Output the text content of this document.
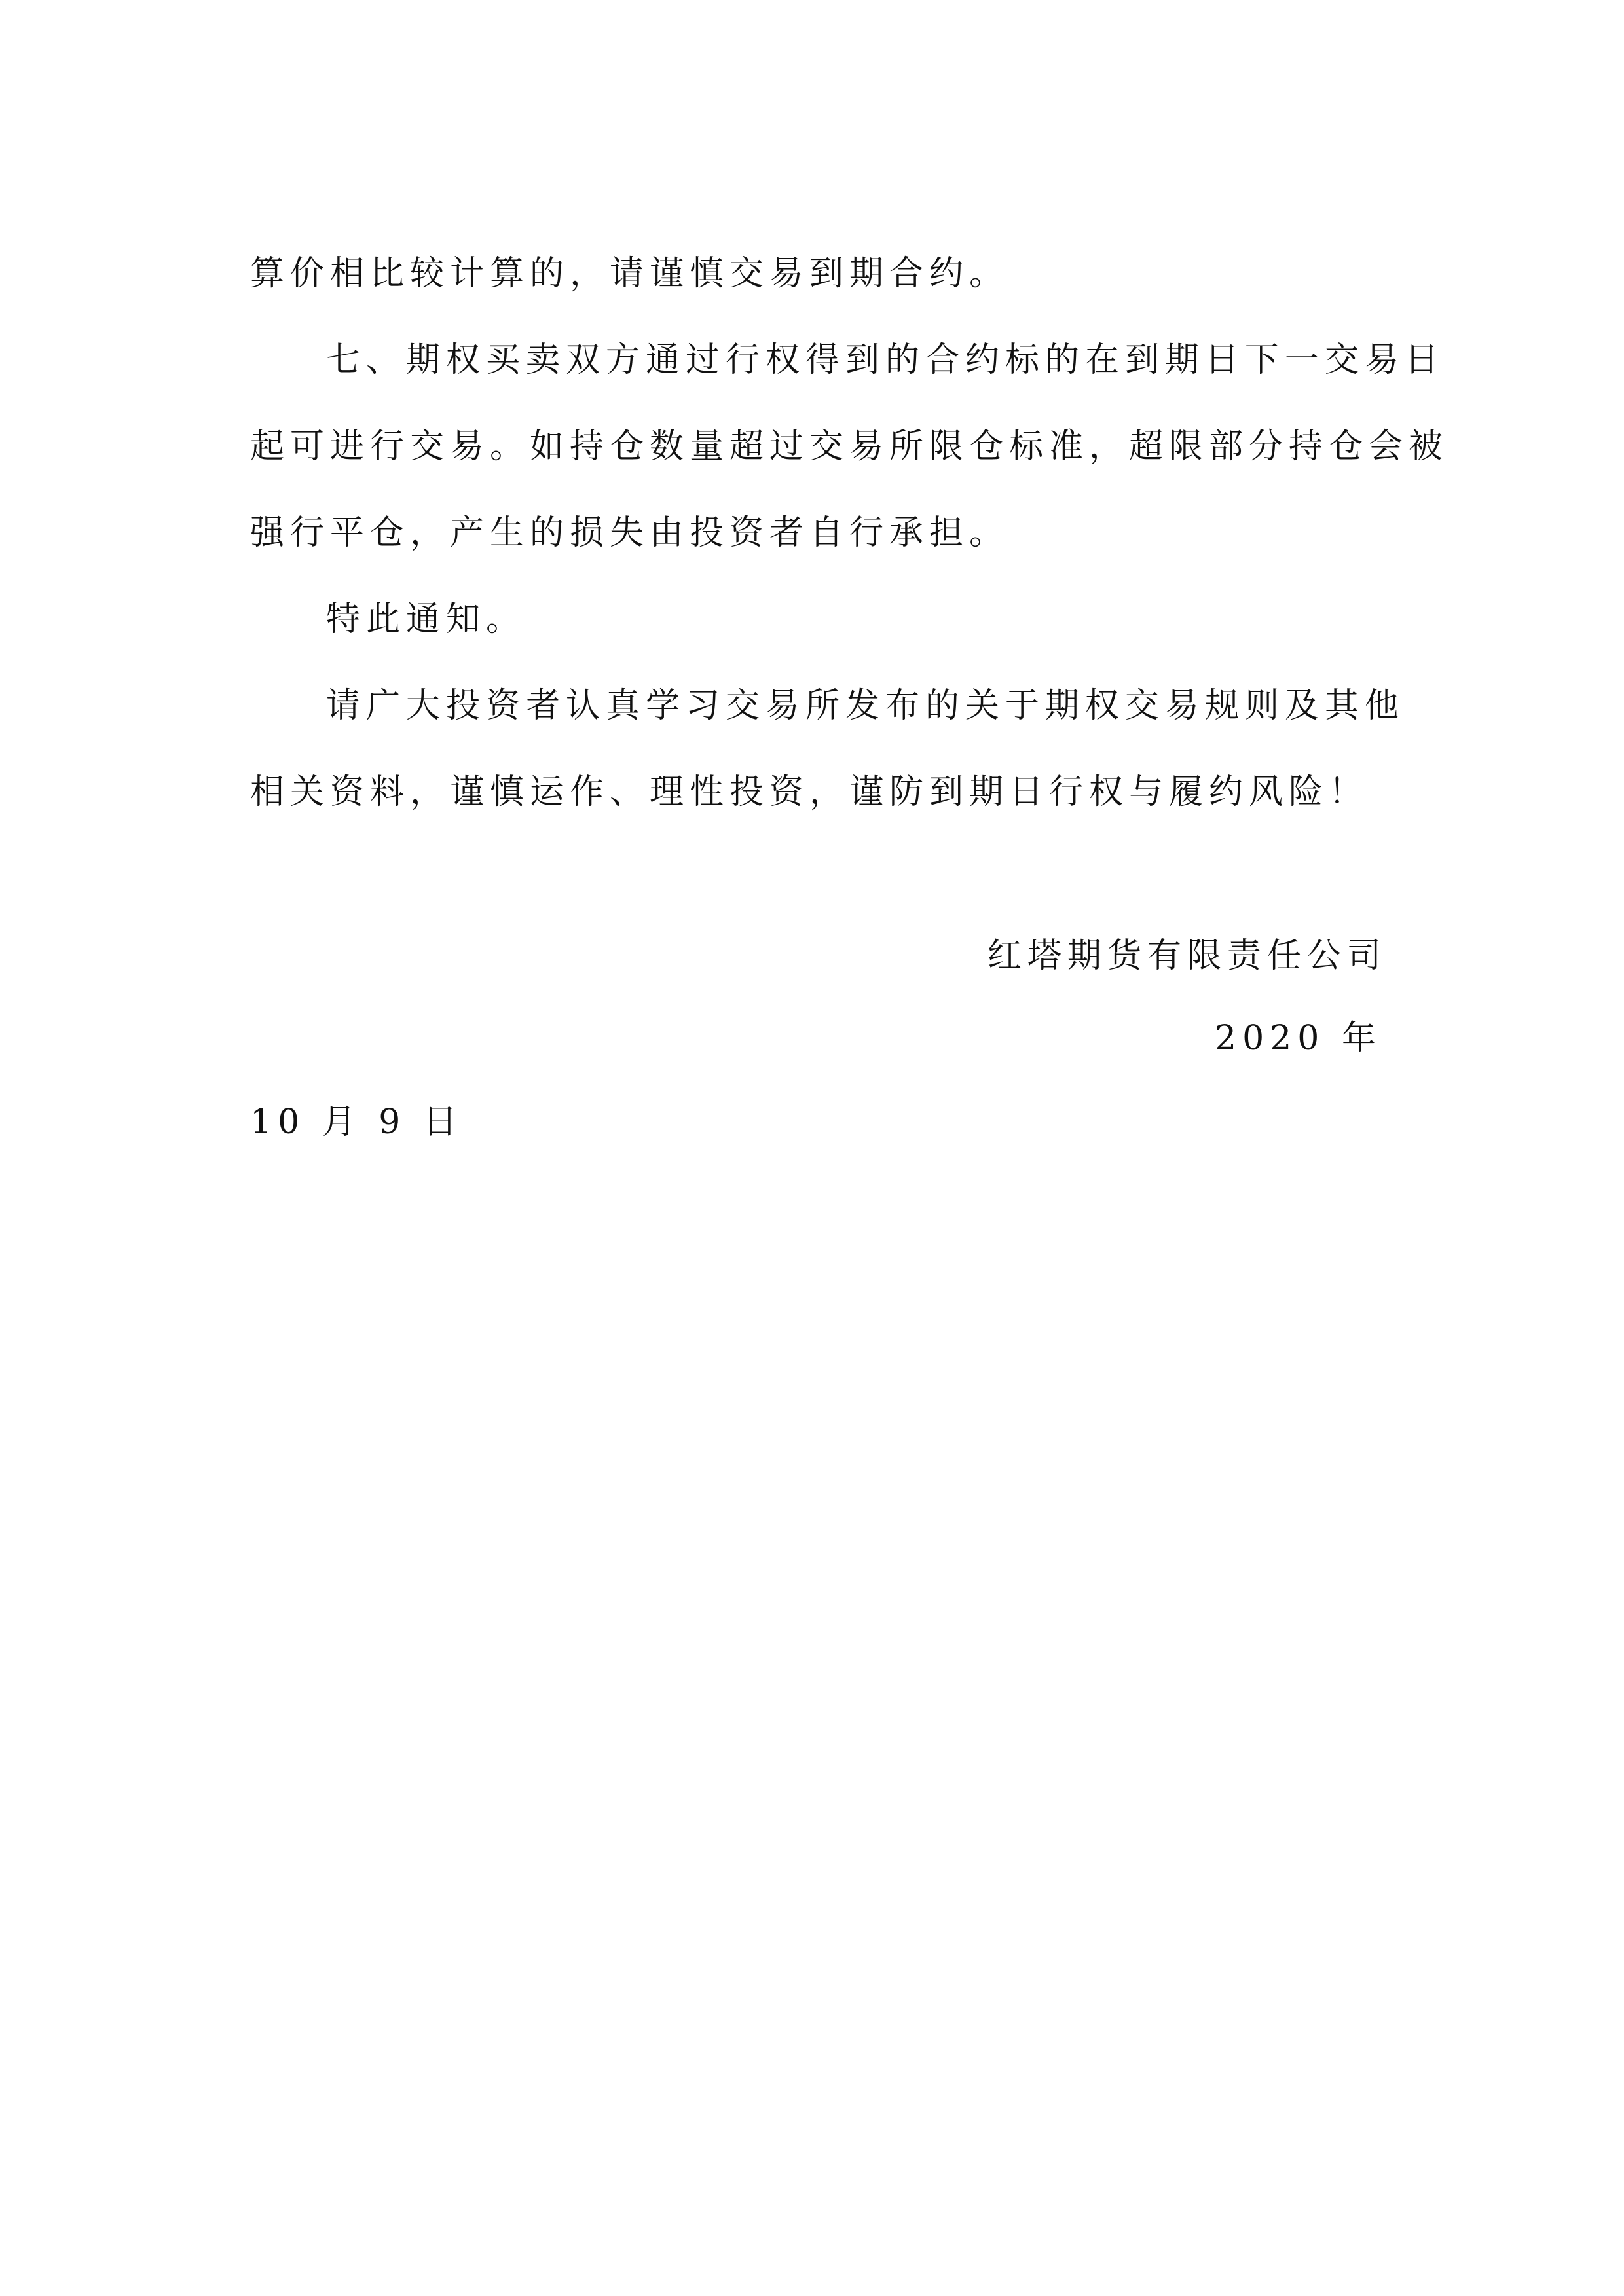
算价相比较计算的，请谨慎交易到期合约。

七、期权买卖双方通过行权得到的合约标的在到期日下一交易日

起可进行交易。如持仓数量超过交易所限仓标准，超限部分持仓会被

强行平仓，产生的损失由投资者自行承担。

特此通知。

请广大投资者认真学习交易所发布的关于期权交易规则及其他

相关资料，谨慎运作、理性投资，谨防到期日行权与履约风险！

红塔期货有限责任公司

2020 年

10 月 9 日
